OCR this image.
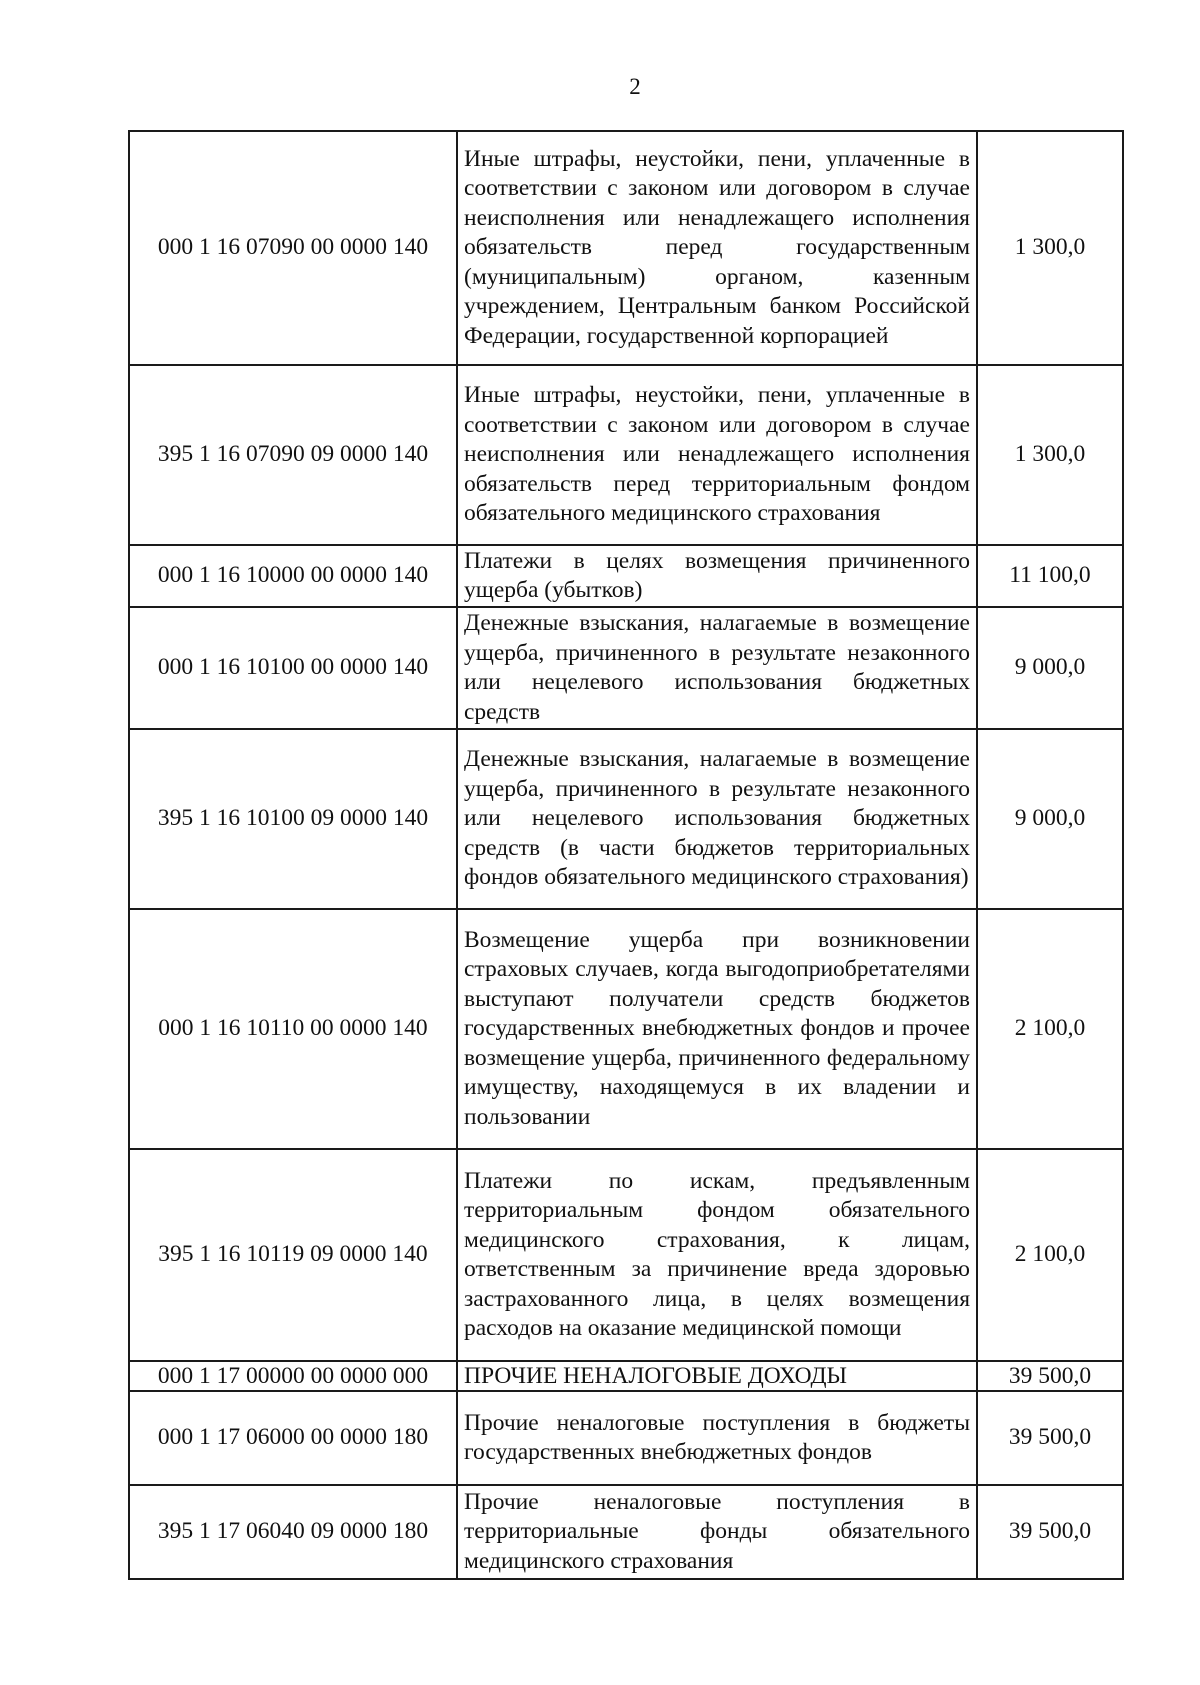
2
000 1 16 07090 00 0000 140	Иные штрафы, неустойки, пени, уплаченные в соответствии с законом или договором в случае неисполнения или ненадлежащего исполнения обязательств перед государственным (муниципальным) органом, казенным учреждением, Центральным банком Российской Федерации, государственной корпорацией	1 300,0
395 1 16 07090 09 0000 140	Иные штрафы, неустойки, пени, уплаченные в соответствии с законом или договором в случае неисполнения или ненадлежащего исполнения обязательств перед территориальным фондом обязательного медицинского страхования	1 300,0
000 1 16 10000 00 0000 140	Платежи в целях возмещения причиненного ущерба (убытков)	11 100,0
000 1 16 10100 00 0000 140	Денежные взыскания, налагаемые в возмещение ущерба, причиненного в результате незаконного или нецелевого использования бюджетных средств	9 000,0
395 1 16 10100 09 0000 140	Денежные взыскания, налагаемые в возмещение ущерба, причиненного в результате незаконного или нецелевого использования бюджетных средств (в части бюджетов территориальных фондов обязательного медицинского страхования)	9 000,0
000 1 16 10110 00 0000 140	Возмещение ущерба при возникновении страховых случаев, когда выгодоприобретателями выступают получатели средств бюджетов государственных внебюджетных фондов и прочее возмещение ущерба, причиненного федеральному имуществу, находящемуся в их владении и пользовании	2 100,0
395 1 16 10119 09 0000 140	Платежи по искам, предъявленным территориальным фондом обязательного медицинского страхования, к лицам, ответственным за причинение вреда здоровью застрахованного лица, в целях возмещения расходов на оказание медицинской помощи	2 100,0
000 1 17 00000 00 0000 000	ПРОЧИЕ НЕНАЛОГОВЫЕ ДОХОДЫ	39 500,0
000 1 17 06000 00 0000 180	Прочие неналоговые поступления в бюджеты государственных внебюджетных фондов	39 500,0
395 1 17 06040 09 0000 180	Прочие неналоговые поступления в территориальные фонды обязательного медицинского страхования	39 500,0
